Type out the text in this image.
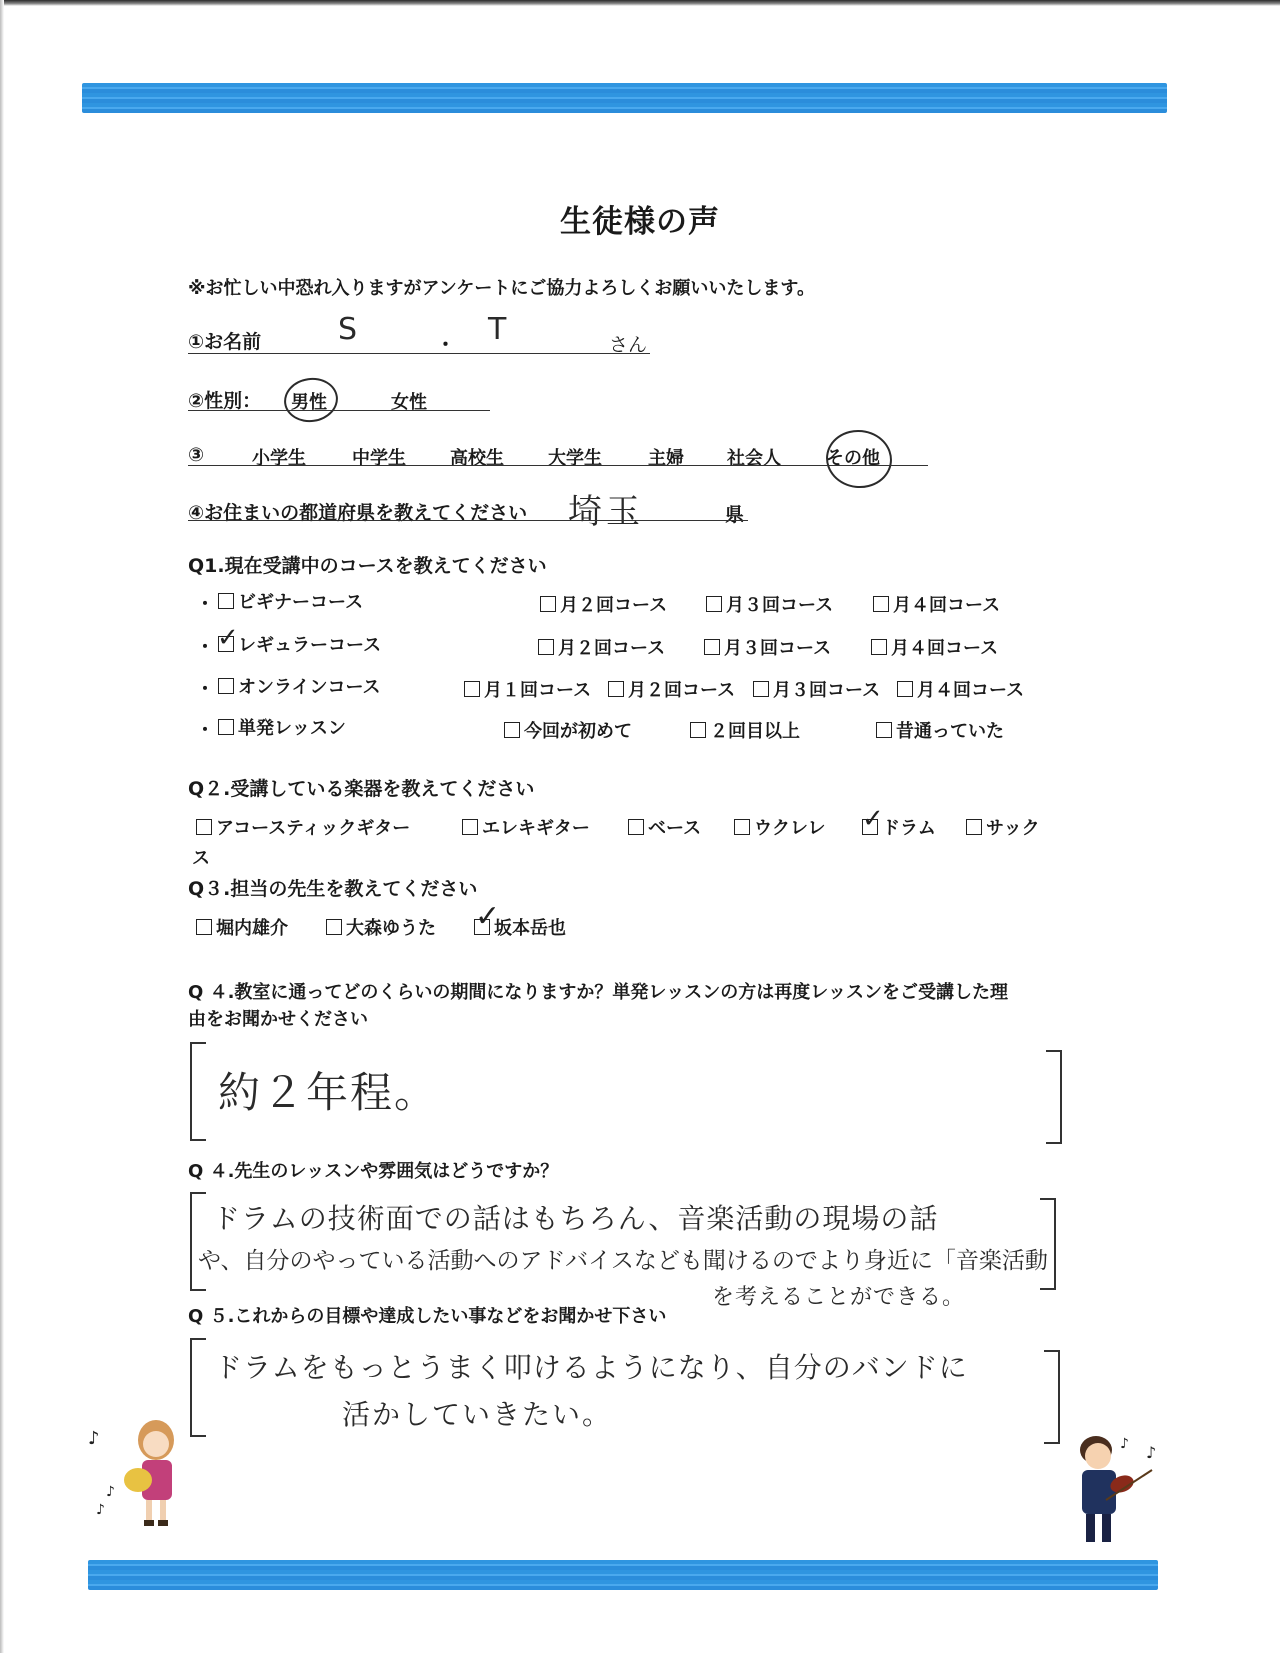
生徒様の声
※お忙しい中恐れ入りますがアンケートにご協力よろしくお願いいたします。
①お名前	S	・ T	さん
②性別： 男性	女性
③	小学生	中学生 高校生 大学生	主婦 社会人	その他
④お住まいの都道府県を教えてください 埼玉	県
Q1.現在受講中のコースを教えてください
・	ビギナーコース	月２回コース	月３回コース	月４回コース
・ ✓ レギュラーコース	月２回コース	月３回コース	月４回コース
・	オンラインコース	月１回コース	月２回コース	月３回コース	月４回コース
・	単発レッスン	今回が初めて	２回目以上	昔通っていた
Q２.受講している楽器を教えてください
アコースティックギター	エレキギター	ベース	ウクレレ ✓
ドラム	サック
ス
Q３.担当の先生を教えてください
堀内雄介	大森ゆうた ✓
坂本岳也
Q ４.教室に通ってどのくらいの期間になりますか？単発レッスンの方は再度レッスンをご受講した理
由をお聞かせください
約２年程。
Q ４.先生のレッスンや雰囲気はどうですか？
ドラムの技術面での話はもちろん、音楽活動の現場の話
や、自分のやっている活動へのアドバイスなども聞けるのでより身近に「音楽活動
を考えることができる。
Q ５.これからの目標や達成したい事などをお聞かせ下さい
ドラムをもっとうまく叩けるようになり、自分のバンドに
活かしていきたい。
♪
♪
♪
♪ ♪
